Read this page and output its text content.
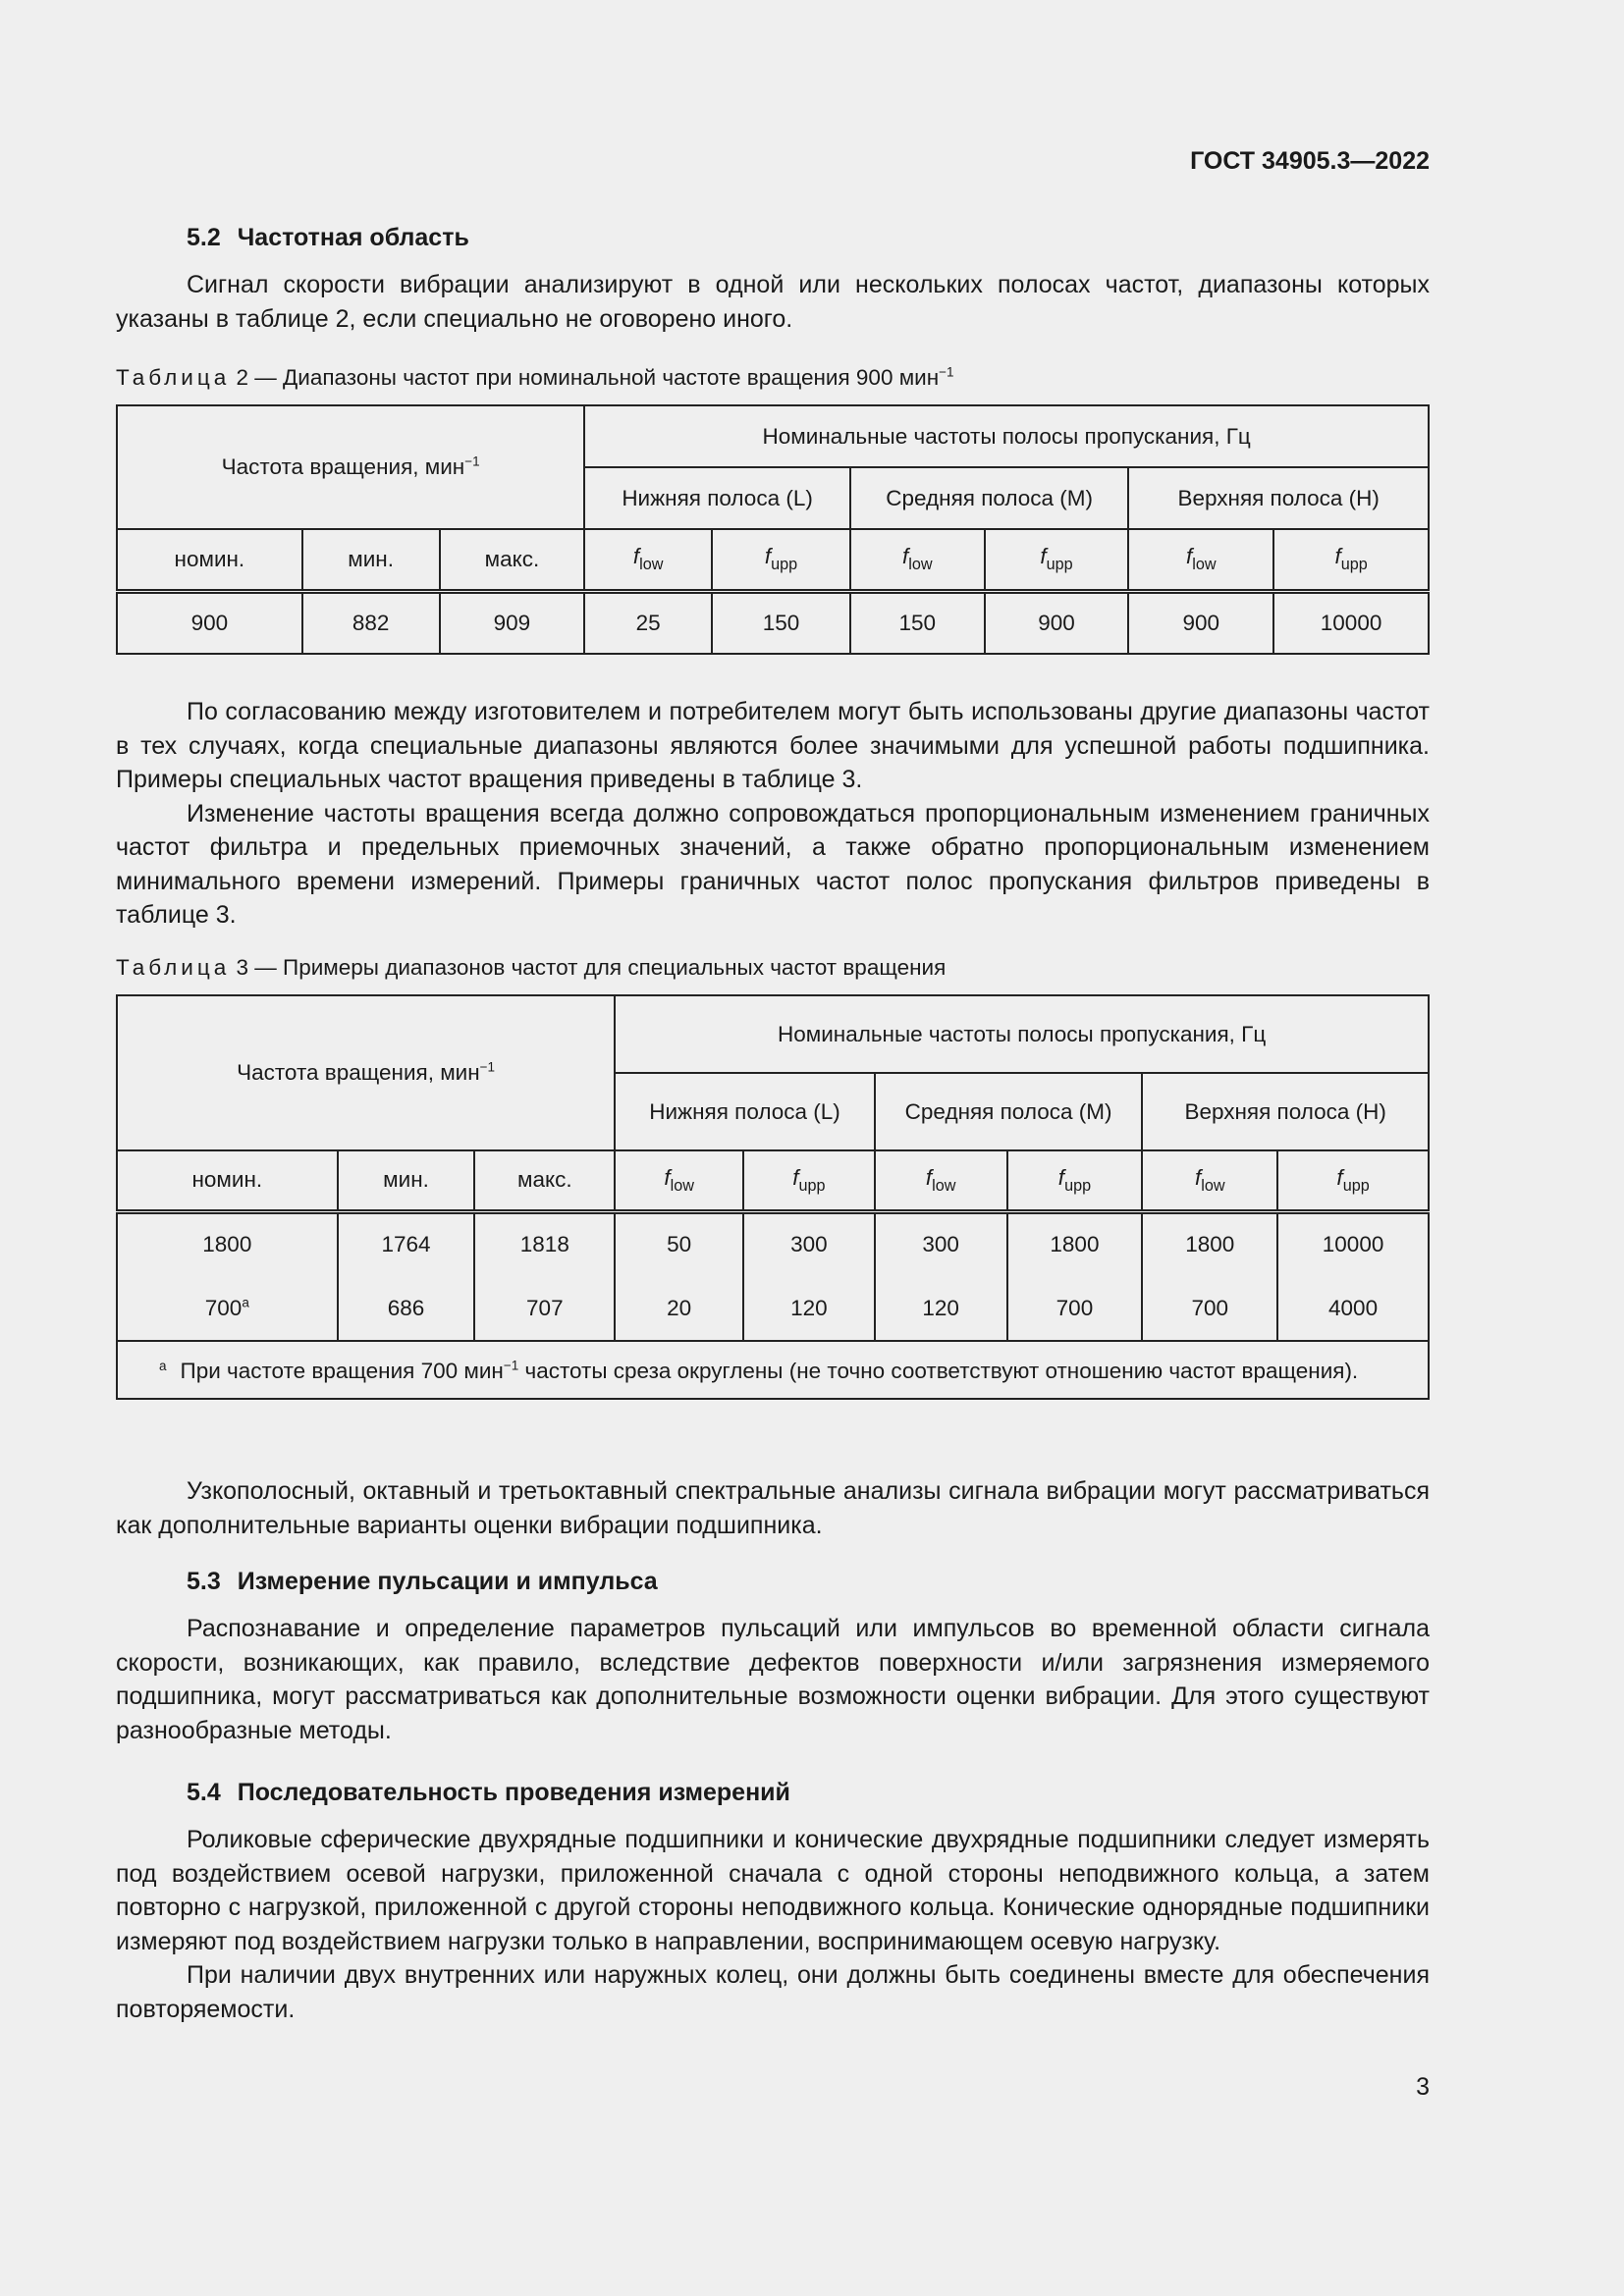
ГОСТ 34905.3—2022
5.2 Частотная область

Сигнал скорости вибрации анализируют в одной или нескольких полосах частот, диапазоны которых указаны в таблице 2, если специально не оговорено иного.

Таблица 2 — Диапазоны частот при номинальной частоте вращения 900 мин$^{-1}$

Частота вращения, мин$^{-1}$			Номинальные частоты полосы пропускания, Гц					
			Нижняя полоса (L)		Средняя полоса (М)		Верхняя полоса (Н)	
номин.	мин.	макс.	$f_{low}$	$f_{upp}$	$f_{low}$	$f_{upp}$	$f_{low}$	$f_{upp}$
900	882	909	25	150	150	900	900	10000

По согласованию между изготовителем и потребителем могут быть использованы другие диапазоны частот в тех случаях, когда специальные диапазоны являются более значимыми для успешной работы подшипника. Примеры специальных частот вращения приведены в таблице 3.

Изменение частоты вращения всегда должно сопровождаться пропорциональным изменением граничных частот фильтра и предельных приемочных значений, а также обратно пропорциональным изменением минимального времени измерений. Примеры граничных частот полос пропускания фильтров приведены в таблице 3.

Таблица 3 — Примеры диапазонов частот для специальных частот вращения

Частота вращения, мин$^{-1}$			Номинальные частоты полосы пропускания, Гц					
			Нижняя полоса (L)		Средняя полоса (М)		Верхняя полоса (Н)	
номин.	мин.	макс.	$f_{low}$	$f_{upp}$	$f_{low}$	$f_{upp}$	$f_{low}$	$f_{upp}$
1800	1764	1818	50	300	300	1800	1800	10000
700$^a$	686	707	20	120	120	700	700	4000

$^a$ При частоте вращения 700 мин$^{-1}$ частоты среза округлены (не точно соответствуют отношению частот вращения).								

Узкополосный, октавный и третьоктавный спектральные анализы сигнала вибрации могут рассматриваться как дополнительные варианты оценки вибрации подшипника.

5.3 Измерение пульсации и импульса

Распознавание и определение параметров пульсаций или импульсов во временной области сигнала скорости, возникающих, как правило, вследствие дефектов поверхности и/или загрязнения измеряемого подшипника, могут рассматриваться как дополнительные возможности оценки вибрации. Для этого существуют разнообразные методы.

5.4 Последовательность проведения измерений

Роликовые сферические двухрядные подшипники и конические двухрядные подшипники следует измерять под воздействием осевой нагрузки, приложенной сначала с одной стороны неподвижного кольца, а затем повторно с нагрузкой, приложенной с другой стороны неподвижного кольца. Конические однорядные подшипники измеряют под воздействием нагрузки только в направлении, воспринимающем осевую нагрузку.

При наличии двух внутренних или наружных колец, они должны быть соединены вместе для обеспечения повторяемости.

3
